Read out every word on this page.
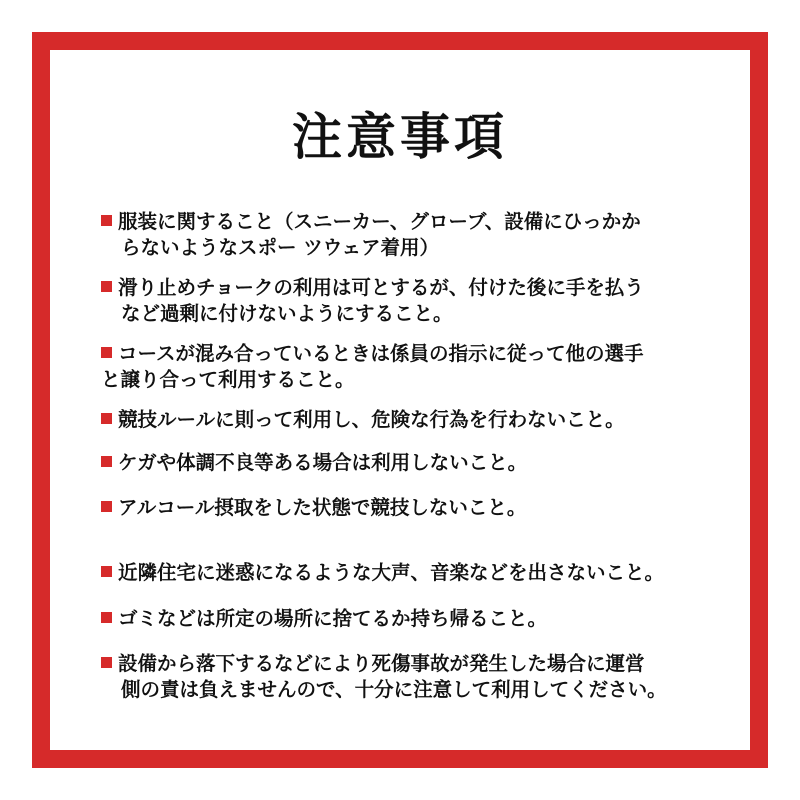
注意事項
服装に関すること（スニーカー、グローブ、設備にひっかか
らないようなスポー ツウェア着用）
滑り止めチョークの利用は可とするが、付けた後に手を払う
など過剰に付けないようにすること。
コースが混み合っているときは係員の指示に従って他の選手
と譲り合って利用すること。
競技ルールに則って利用し、危険な行為を行わないこと。
ケガや体調不良等ある場合は利用しないこと。
アルコール摂取をした状態で競技しないこと。
近隣住宅に迷惑になるような大声、音楽などを出さないこと。
ゴミなどは所定の場所に捨てるか持ち帰ること。
設備から落下するなどにより死傷事故が発生した場合に運営
側の責は負えませんので、十分に注意して利用してください。
